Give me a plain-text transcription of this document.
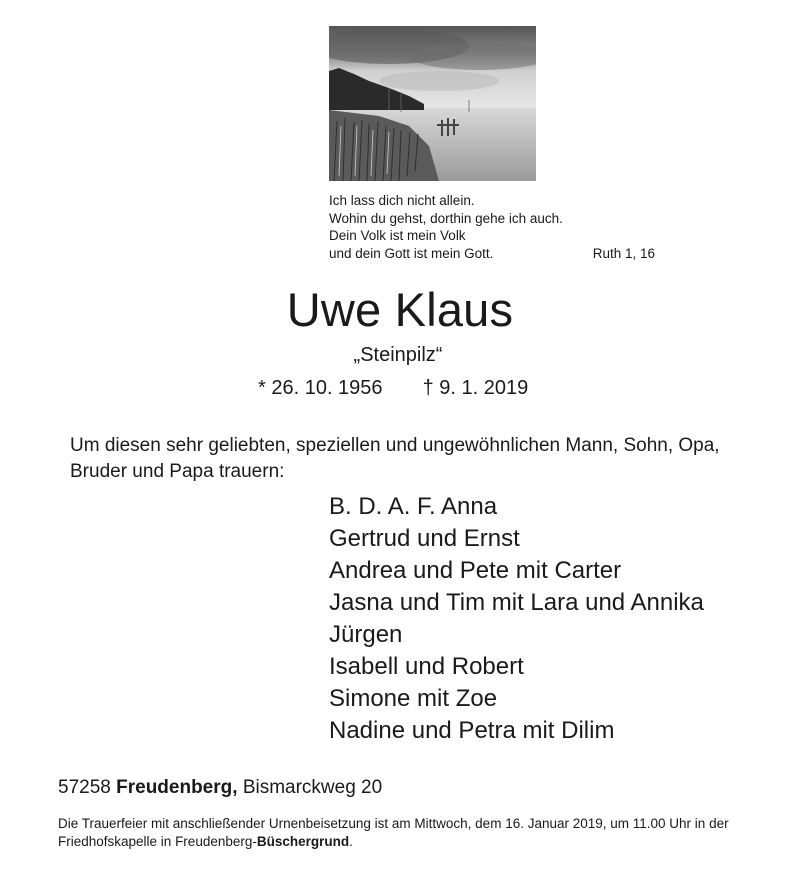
Ich lass dich nicht allein.
Wohin du gehst, dorthin gehe ich auch.
Dein Volk ist mein Volk
und dein Gott ist mein Gott.	Ruth 1, 16
Uwe Klaus
„Steinpilz“
* 26. 10. 1956 † 9. 1. 2019
Um diesen sehr geliebten, speziellen und ungewöhnlichen Mann, Sohn, Opa, Bruder und Papa trauern:
B. D. A. F. Anna
Gertrud und Ernst
Andrea und Pete mit Carter
Jasna und Tim mit Lara und Annika
Jürgen
Isabell und Robert
Simone mit Zoe
Nadine und Petra mit Dilim
57258 Freudenberg, Bismarckweg 20
Die Trauerfeier mit anschließender Urnenbeisetzung ist am Mittwoch, dem 16. Januar 2019, um 11.00 Uhr in der Friedhofskapelle in Freudenberg-Büschergrund.
